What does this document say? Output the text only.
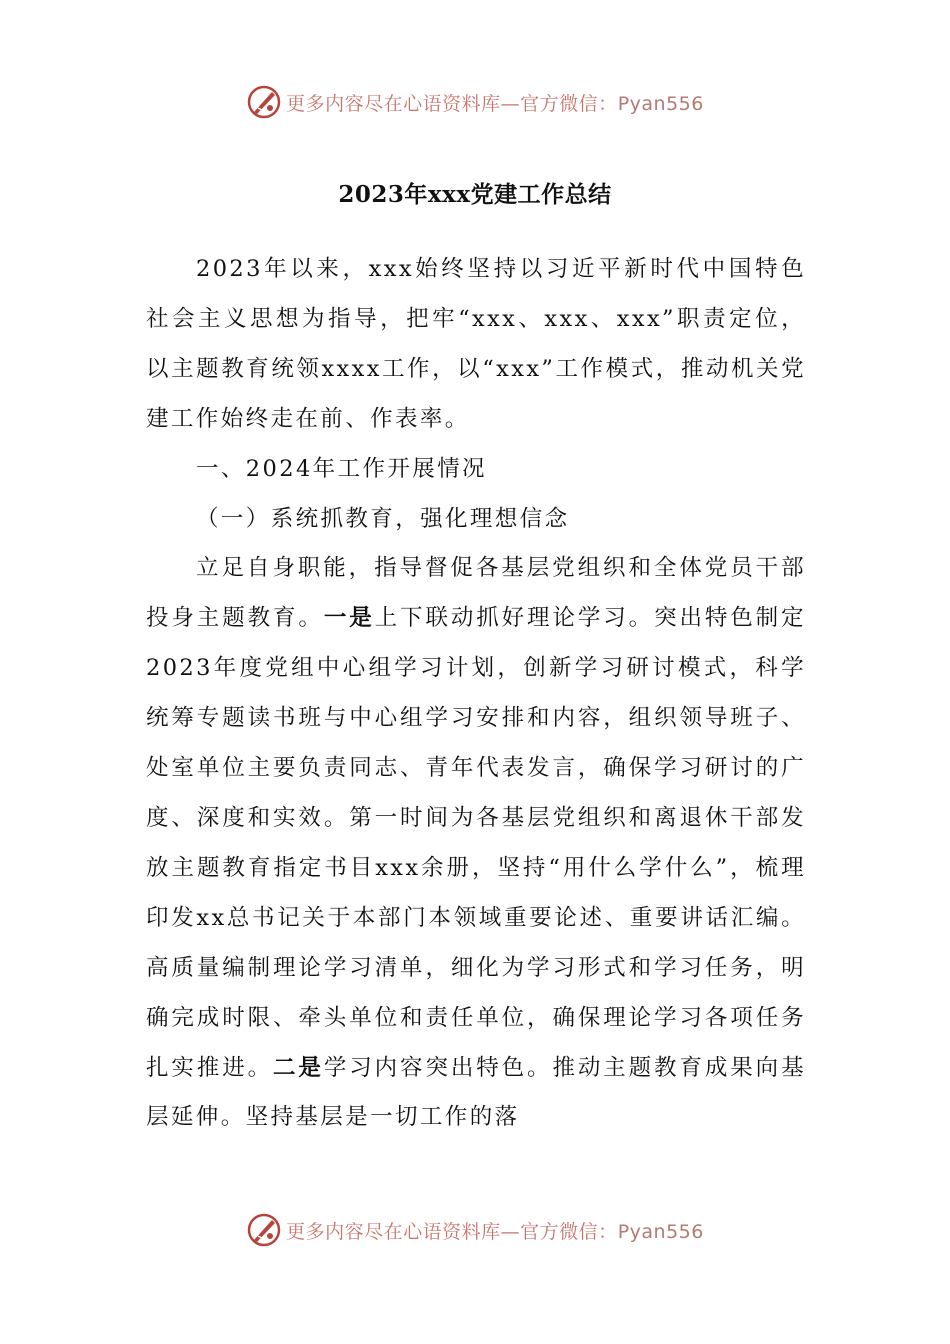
更多内容尽在心语资料库—官方微信：Pyan556
2023年xxx党建工作总结

2023年以来，xxx始终坚持以习近平新时代中国特色社会主义思想为指导，把牢“xxx、xxx、xxx”职责定位，以主题教育统领xxxx工作，以“xxx”工作模式，推动机关党建工作始终走在前、作表率。

一、2024年工作开展情况

（一）系统抓教育，强化理想信念

立足自身职能，指导督促各基层党组织和全体党员干部投身主题教育。一是上下联动抓好理论学习。突出特色制定2023年度党组中心组学习计划，创新学习研讨模式，科学统筹专题读书班与中心组学习安排和内容，组织领导班子、处室单位主要负责同志、青年代表发言，确保学习研讨的广度、深度和实效。第一时间为各基层党组织和离退休干部发放主题教育指定书目xxx余册，坚持“用什么学什么”，梳理印发xx总书记关于本部门本领域重要论述、重要讲话汇编。高质量编制理论学习清单，细化为学习形式和学习任务，明确完成时限、牵头单位和责任单位，确保理论学习各项任务扎实推进。二是学习内容突出特色。推动主题教育成果向基层延伸。坚持基层是一切工作的落

更多内容尽在心语资料库—官方微信：Pyan556
